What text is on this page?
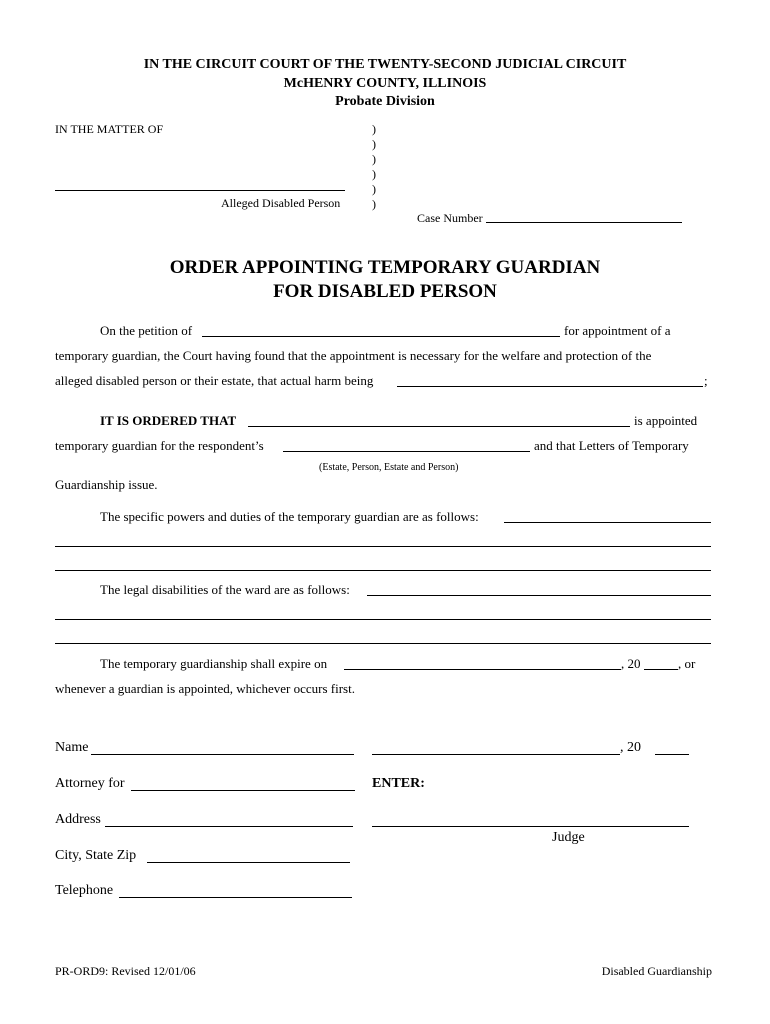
IN THE CIRCUIT COURT OF THE TWENTY-SECOND JUDICIAL CIRCUIT
McHENRY COUNTY, ILLINOIS
Probate Division
IN THE MATTER OF	)
)
)
)
)
)
Alleged Disabled Person
Case Number
ORDER APPOINTING TEMPORARY GUARDIAN
FOR DISABLED PERSON
On the petition of	for appointment of a
temporary guardian, the Court having found that the appointment is necessary for the welfare and protection of the
alleged disabled person or their estate, that actual harm being	;
IT IS ORDERED THAT	is appointed
temporary guardian for the respondent’s	and that Letters of Temporary
(Estate, Person, Estate and Person)
Guardianship issue.
The specific powers and duties of the temporary guardian are as follows:
The legal disabilities of the ward are as follows:
The temporary guardianship shall expire on	, 20	, or
whenever a guardian is appointed, whichever occurs first.
Name	, 20
Attorney for	ENTER:
Address
Judge
City, State Zip
Telephone
PR-ORD9: Revised 12/01/06	Disabled Guardianship
